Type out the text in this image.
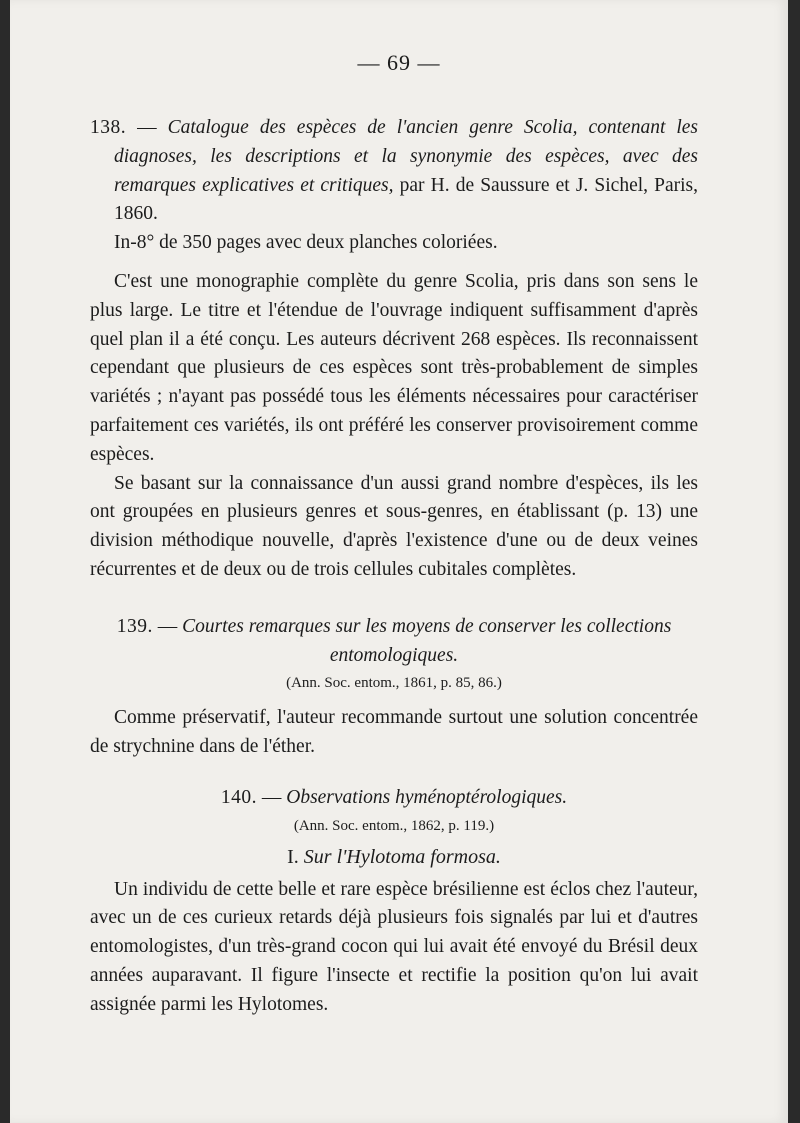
— 69 —
138. — Catalogue des espèces de l'ancien genre Scolia, contenant les diagnoses, les descriptions et la synonymie des espèces, avec des remarques explicatives et critiques, par H. de Saussure et J. Sichel, Paris, 1860.
In-8° de 350 pages avec deux planches coloriées.

C'est une monographie complète du genre Scolia, pris dans son sens le plus large. Le titre et l'étendue de l'ouvrage indiquent suffisamment d'après quel plan il a été conçu. Les auteurs décrivent 268 espèces. Ils reconnaissent cependant que plusieurs de ces espèces sont très-probablement de simples variétés ; n'ayant pas possédé tous les éléments nécessaires pour caractériser parfaitement ces variétés, ils ont préféré les conserver provisoirement comme espèces.

Se basant sur la connaissance d'un aussi grand nombre d'espèces, ils les ont groupées en plusieurs genres et sous-genres, en établissant (p. 13) une division méthodique nouvelle, d'après l'existence d'une ou de deux veines récurrentes et de deux ou de trois cellules cubitales complètes.

139. — Courtes remarques sur les moyens de conserver les collections entomologiques.
(Ann. Soc. entom., 1861, p. 85, 86.)

Comme préservatif, l'auteur recommande surtout une solution concentrée de strychnine dans de l'éther.

140. — Observations hyménoptérologiques.
(Ann. Soc. entom., 1862, p. 119.)
I. Sur l'Hylotoma formosa.

Un individu de cette belle et rare espèce brésilienne est éclos chez l'auteur, avec un de ces curieux retards déjà plusieurs fois signalés par lui et d'autres entomologistes, d'un très-grand cocon qui lui avait été envoyé du Brésil deux années auparavant. Il figure l'insecte et rectifie la position qu'on lui avait assignée parmi les Hylotomes.
